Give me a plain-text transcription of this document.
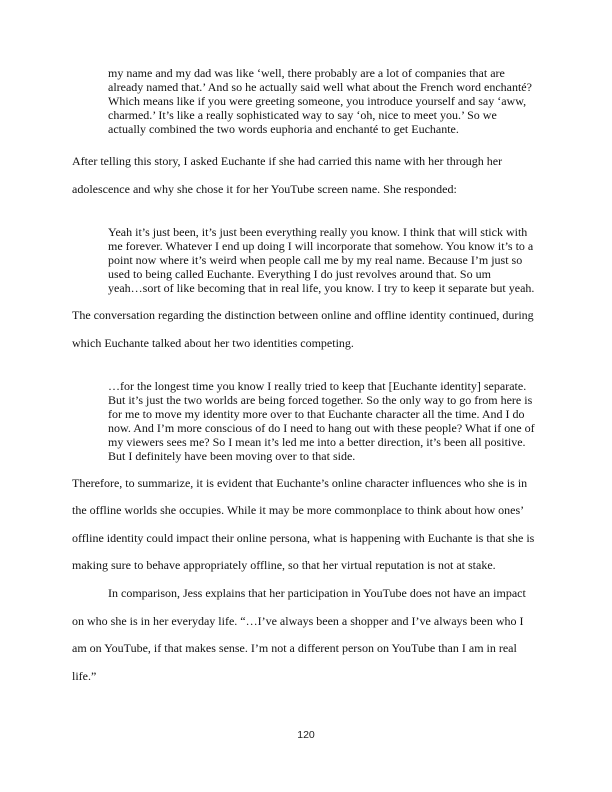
my name and my dad was like ‘well, there probably are a lot of companies that are
already named that.’ And so he actually said well what about the French word enchanté?
Which means like if you were greeting someone, you introduce yourself and say ‘aww,
charmed.’ It’s like a really sophisticated way to say ‘oh, nice to meet you.’ So we
actually combined the two words euphoria and enchanté to get Euchante.
After telling this story, I asked Euchante if she had carried this name with her through her
adolescence and why she chose it for her YouTube screen name. She responded:
Yeah it’s just been, it’s just been everything really you know. I think that will stick with
me forever. Whatever I end up doing I will incorporate that somehow. You know it’s to a
point now where it’s weird when people call me by my real name. Because I’m just so
used to being called Euchante. Everything I do just revolves around that. So um
yeah…sort of like becoming that in real life, you know. I try to keep it separate but yeah.
The conversation regarding the distinction between online and offline identity continued, during
which Euchante talked about her two identities competing.
…for the longest time you know I really tried to keep that [Euchante identity] separate.
But it’s just the two worlds are being forced together. So the only way to go from here is
for me to move my identity more over to that Euchante character all the time. And I do
now. And I’m more conscious of do I need to hang out with these people? What if one of
my viewers sees me? So I mean it’s led me into a better direction, it’s been all positive.
But I definitely have been moving over to that side.
Therefore, to summarize, it is evident that Euchante’s online character influences who she is in
the offline worlds she occupies. While it may be more commonplace to think about how ones’
offline identity could impact their online persona, what is happening with Euchante is that she is
making sure to behave appropriately offline, so that her virtual reputation is not at stake.
In comparison, Jess explains that her participation in YouTube does not have an impact
on who she is in her everyday life. “…I’ve always been a shopper and I’ve always been who I
am on YouTube, if that makes sense. I’m not a different person on YouTube than I am in real
life.”
120
